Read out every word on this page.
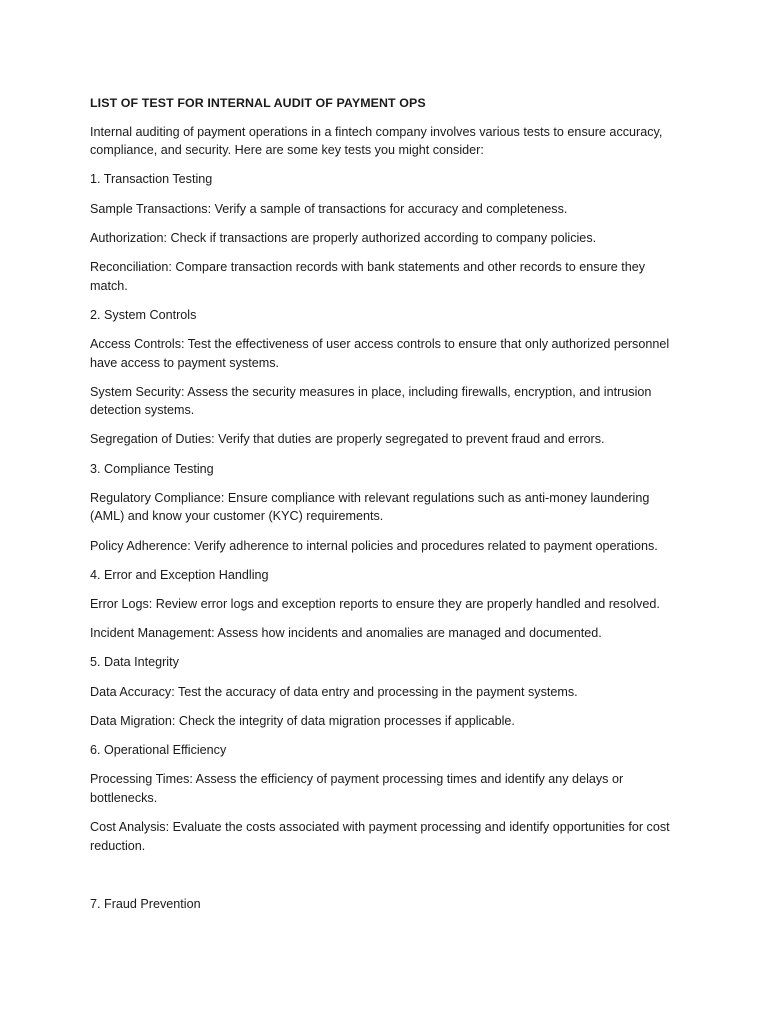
LIST OF TEST FOR INTERNAL AUDIT OF PAYMENT OPS

Internal auditing of payment operations in a fintech company involves various tests to ensure accuracy, compliance, and security. Here are some key tests you might consider:

1. Transaction Testing

Sample Transactions: Verify a sample of transactions for accuracy and completeness.

Authorization: Check if transactions are properly authorized according to company policies.

Reconciliation: Compare transaction records with bank statements and other records to ensure they match.

2. System Controls

Access Controls: Test the effectiveness of user access controls to ensure that only authorized personnel have access to payment systems.

System Security: Assess the security measures in place, including firewalls, encryption, and intrusion detection systems.

Segregation of Duties: Verify that duties are properly segregated to prevent fraud and errors.

3. Compliance Testing

Regulatory Compliance: Ensure compliance with relevant regulations such as anti-money laundering (AML) and know your customer (KYC) requirements.

Policy Adherence: Verify adherence to internal policies and procedures related to payment operations.

4. Error and Exception Handling

Error Logs: Review error logs and exception reports to ensure they are properly handled and resolved.

Incident Management: Assess how incidents and anomalies are managed and documented.

5. Data Integrity

Data Accuracy: Test the accuracy of data entry and processing in the payment systems.

Data Migration: Check the integrity of data migration processes if applicable.

6. Operational Efficiency

Processing Times: Assess the efficiency of payment processing times and identify any delays or bottlenecks.

Cost Analysis: Evaluate the costs associated with payment processing and identify opportunities for cost reduction.

7. Fraud Prevention
